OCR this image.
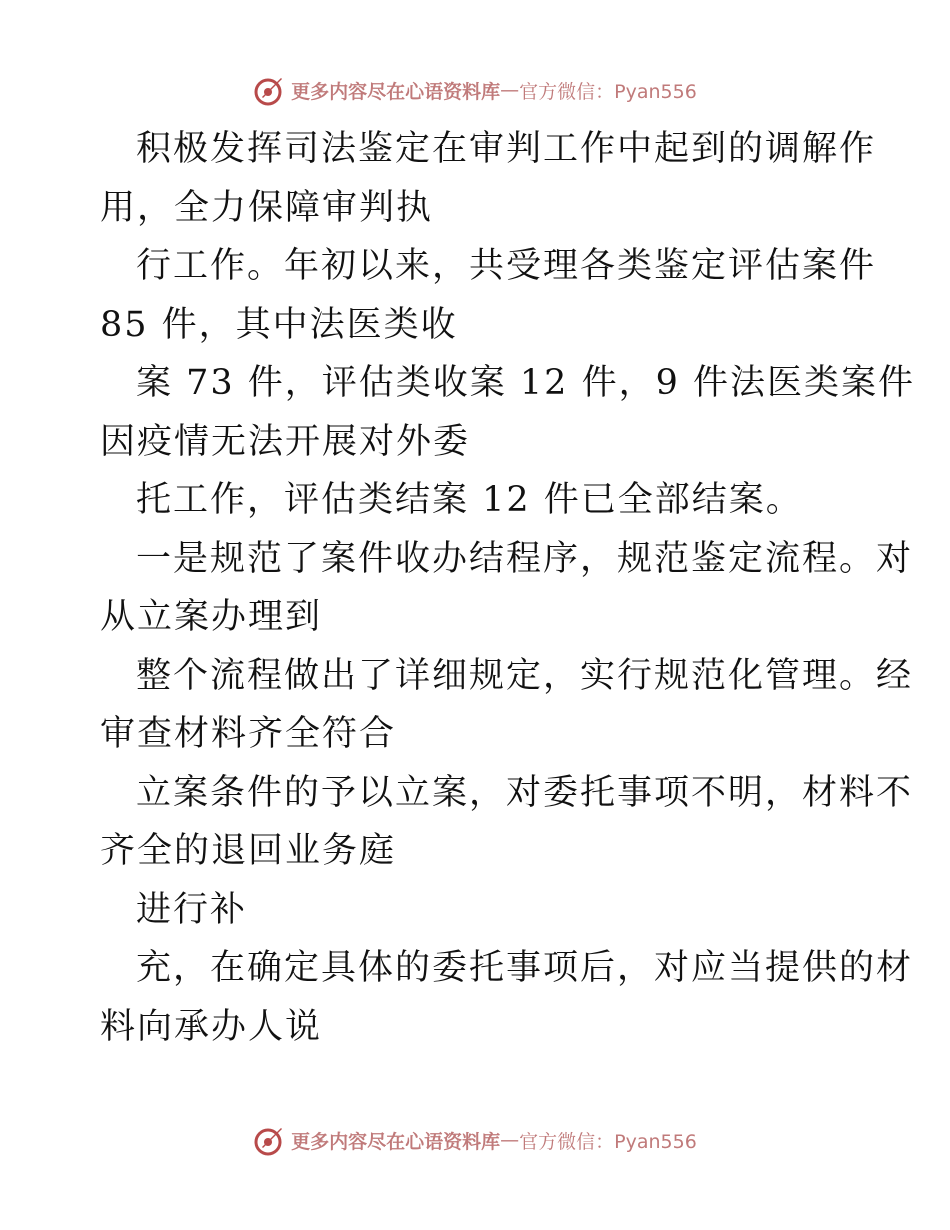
更多内容尽在心语资料库 — 官方微信：Pyan556

积极发挥司法鉴定在审判工作中起到的调解作
用，全力保障审判执

行工作。年初以来，共受理各类鉴定评估案件
85 件，其中法医类收

案 73 件，评估类收案 12 件，9 件法医类案件
因疫情无法开展对外委

托工作，评估类结案 12 件已全部结案。

一是规范了案件收办结程序，规范鉴定流程。对
从立案办理到

整个流程做出了详细规定，实行规范化管理。经
审查材料齐全符合

立案条件的予以立案，对委托事项不明，材料不
齐全的退回业务庭

进行补

充，在确定具体的委托事项后，对应当提供的材
料向承办人说

更多内容尽在心语资料库 — 官方微信：Pyan556
